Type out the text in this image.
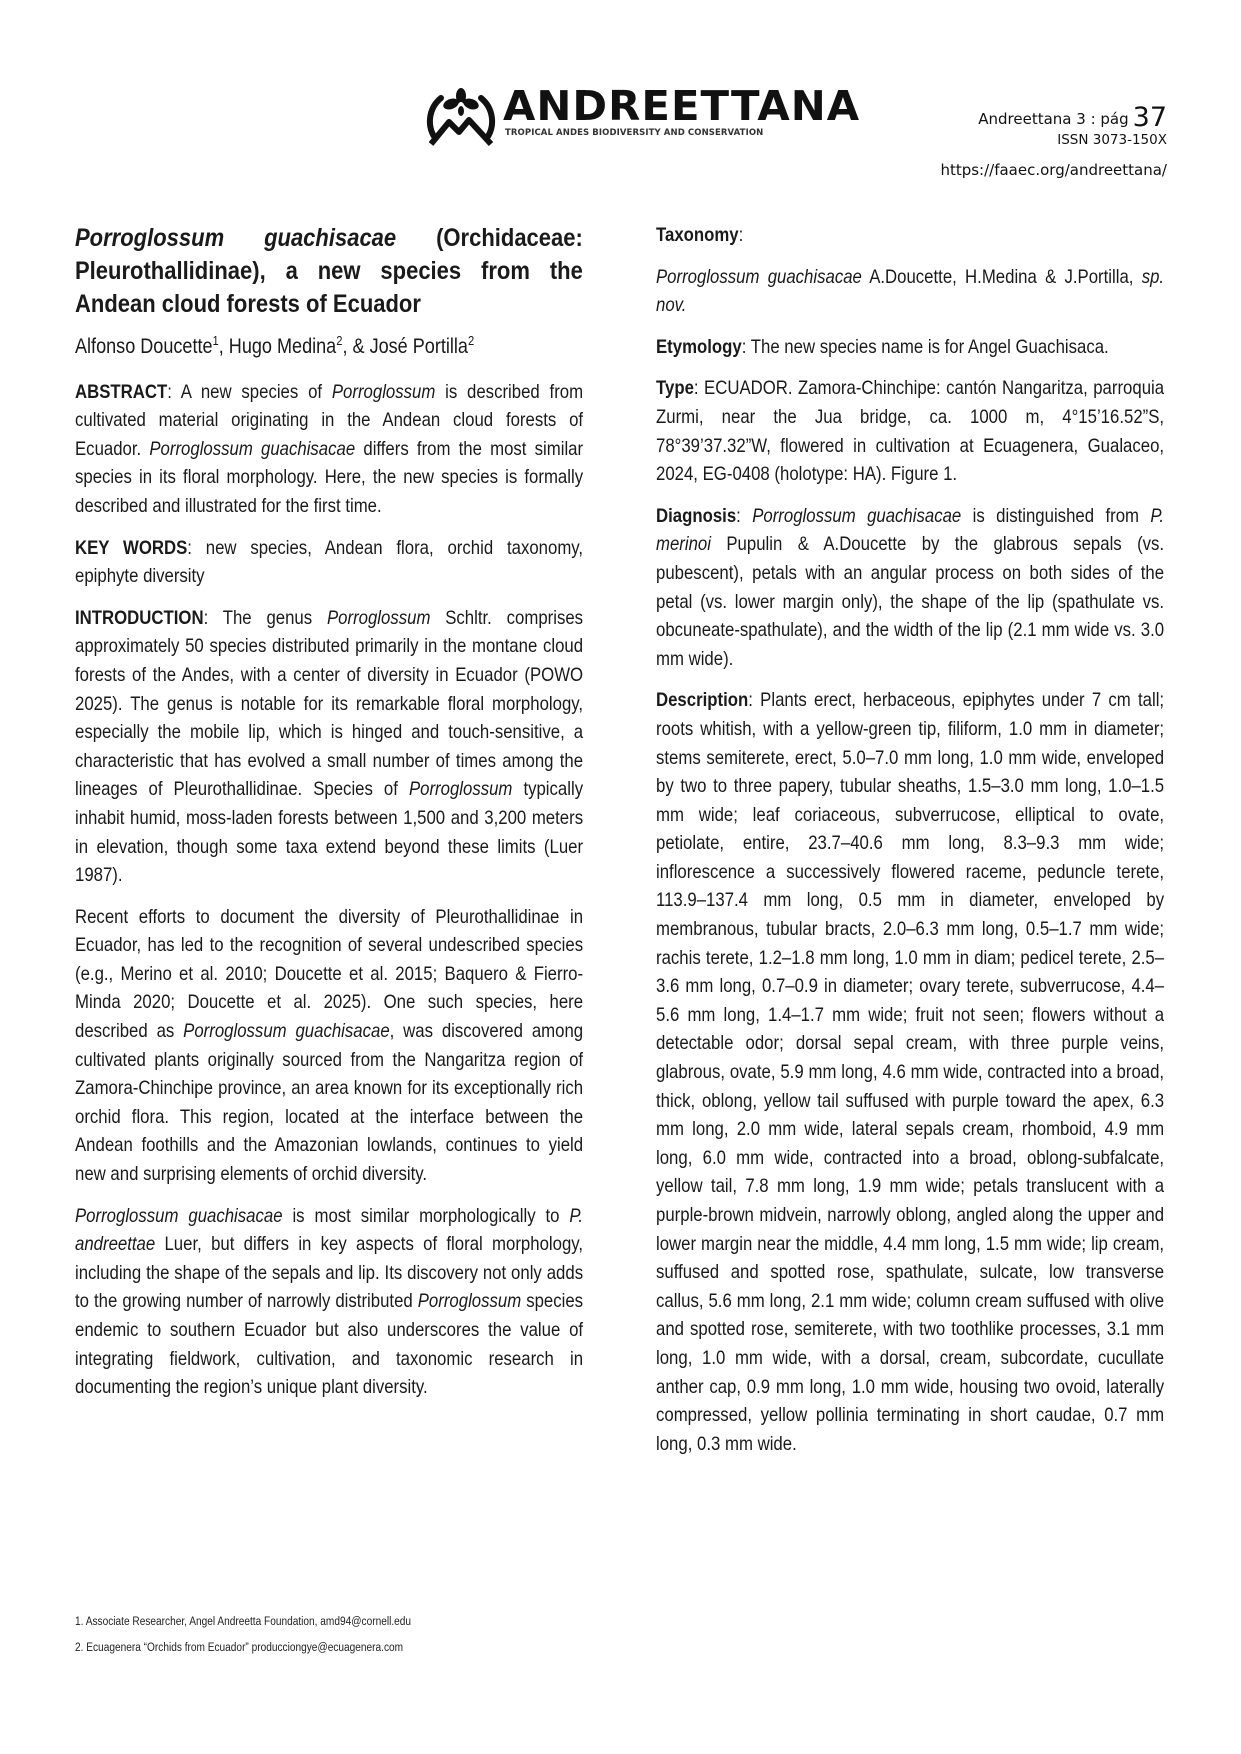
ANDREETTANA
TROPICAL ANDES BIODIVERSITY AND CONSERVATION
Andreettana 3 : pág 37
ISSN 3073-150X
https://faaec.org/andreettana/
Porroglossum guachisacae (Orchidaceae: Pleurothallidinae), a new species from the Andean cloud forests of Ecuador

Alfonso Doucette$^1$, Hugo Medina$^2$, & José Portilla$^2$

ABSTRACT: A new species of Porroglossum is described from cultivated material originating in the Andean cloud forests of Ecuador. Porroglossum guachisacae differs from the most similar species in its floral morphology. Here, the new species is formally described and illustrated for the first time.

KEY WORDS: new species, Andean flora, orchid taxonomy, epiphyte diversity

INTRODUCTION: The genus Porroglossum Schltr. comprises approximately 50 species distributed primarily in the montane cloud forests of the Andes, with a center of diversity in Ecuador (POWO 2025). The genus is notable for its remarkable floral morphology, especially the mobile lip, which is hinged and touch-sensitive, a characteristic that has evolved a small number of times among the lineages of Pleurothallidinae. Species of Porroglossum typically inhabit humid, moss-laden forests between 1,500 and 3,200 meters in elevation, though some taxa extend beyond these limits (Luer 1987).

Recent efforts to document the diversity of Pleurothallidinae in Ecuador, has led to the recognition of several undescribed species (e.g., Merino et al. 2010; Doucette et al. 2015; Baquero & Fierro-Minda 2020; Doucette et al. 2025). One such species, here described as Porroglossum guachisacae, was discovered among cultivated plants originally sourced from the Nangaritza region of Zamora-Chinchipe province, an area known for its exceptionally rich orchid flora. This region, located at the interface between the Andean foothills and the Amazonian lowlands, continues to yield new and surprising elements of orchid diversity.

Porroglossum guachisacae is most similar morphologically to P. andreettae Luer, but differs in key aspects of floral morphology, including the shape of the sepals and lip. Its discovery not only adds to the growing number of narrowly distributed Porroglossum species endemic to southern Ecuador but also underscores the value of integrating fieldwork, cultivation, and taxonomic research in documenting the region’s unique plant diversity.

Taxonomy:

Porroglossum guachisacae A.Doucette, H.Medina & J.Portilla, sp. nov.

Etymology: The new species name is for Angel Guachisaca.

Type: ECUADOR. Zamora-Chinchipe: cantón Nangaritza, parroquia Zurmi, near the Jua bridge, ca. 1000 m, 4°15’16.52”S, 78°39’37.32”W, flowered in cultivation at Ecuagenera, Gualaceo, 2024, EG-0408 (holotype: HA). Figure 1.

Diagnosis: Porroglossum guachisacae is distinguished from P. merinoi Pupulin & A.Doucette by the glabrous sepals (vs. pubescent), petals with an angular process on both sides of the petal (vs. lower margin only), the shape of the lip (spathulate vs. obcuneate-spathulate), and the width of the lip (2.1 mm wide vs. 3.0 mm wide).

Description: Plants erect, herbaceous, epiphytes under 7 cm tall; roots whitish, with a yellow-green tip, filiform, 1.0 mm in diameter; stems semiterete, erect, 5.0–7.0 mm long, 1.0 mm wide, enveloped by two to three papery, tubular sheaths, 1.5–3.0 mm long, 1.0–1.5 mm wide; leaf coriaceous, subverrucose, elliptical to ovate, petiolate, entire, 23.7–40.6 mm long, 8.3–9.3 mm wide; inflorescence a successively flowered raceme, peduncle terete, 113.9–137.4 mm long, 0.5 mm in diameter, enveloped by membranous, tubular bracts, 2.0–6.3 mm long, 0.5–1.7 mm wide; rachis terete, 1.2–1.8 mm long, 1.0 mm in diam; pedicel terete, 2.5–3.6 mm long, 0.7–0.9 in diameter; ovary terete, subverrucose, 4.4–5.6 mm long, 1.4–1.7 mm wide; fruit not seen; flowers without a detectable odor; dorsal sepal cream, with three purple veins, glabrous, ovate, 5.9 mm long, 4.6 mm wide, contracted into a broad, thick, oblong, yellow tail suffused with purple toward the apex, 6.3 mm long, 2.0 mm wide, lateral sepals cream, rhomboid, 4.9 mm long, 6.0 mm wide, contracted into a broad, oblong-subfalcate, yellow tail, 7.8 mm long, 1.9 mm wide; petals translucent with a purple-brown midvein, narrowly oblong, angled along the upper and lower margin near the middle, 4.4 mm long, 1.5 mm wide; lip cream, suffused and spotted rose, spathulate, sulcate, low transverse callus, 5.6 mm long, 2.1 mm wide; column cream suffused with olive and spotted rose, semiterete, with two toothlike processes, 3.1 mm long, 1.0 mm wide, with a dorsal, cream, subcordate, cucullate anther cap, 0.9 mm long, 1.0 mm wide, housing two ovoid, laterally compressed, yellow pollinia terminating in short caudae, 0.7 mm long, 0.3 mm wide.

1. Associate Researcher, Angel Andreetta Foundation, amd94@cornell.edu
2. Ecuagenera “Orchids from Ecuador” producciongye@ecuagenera.com
